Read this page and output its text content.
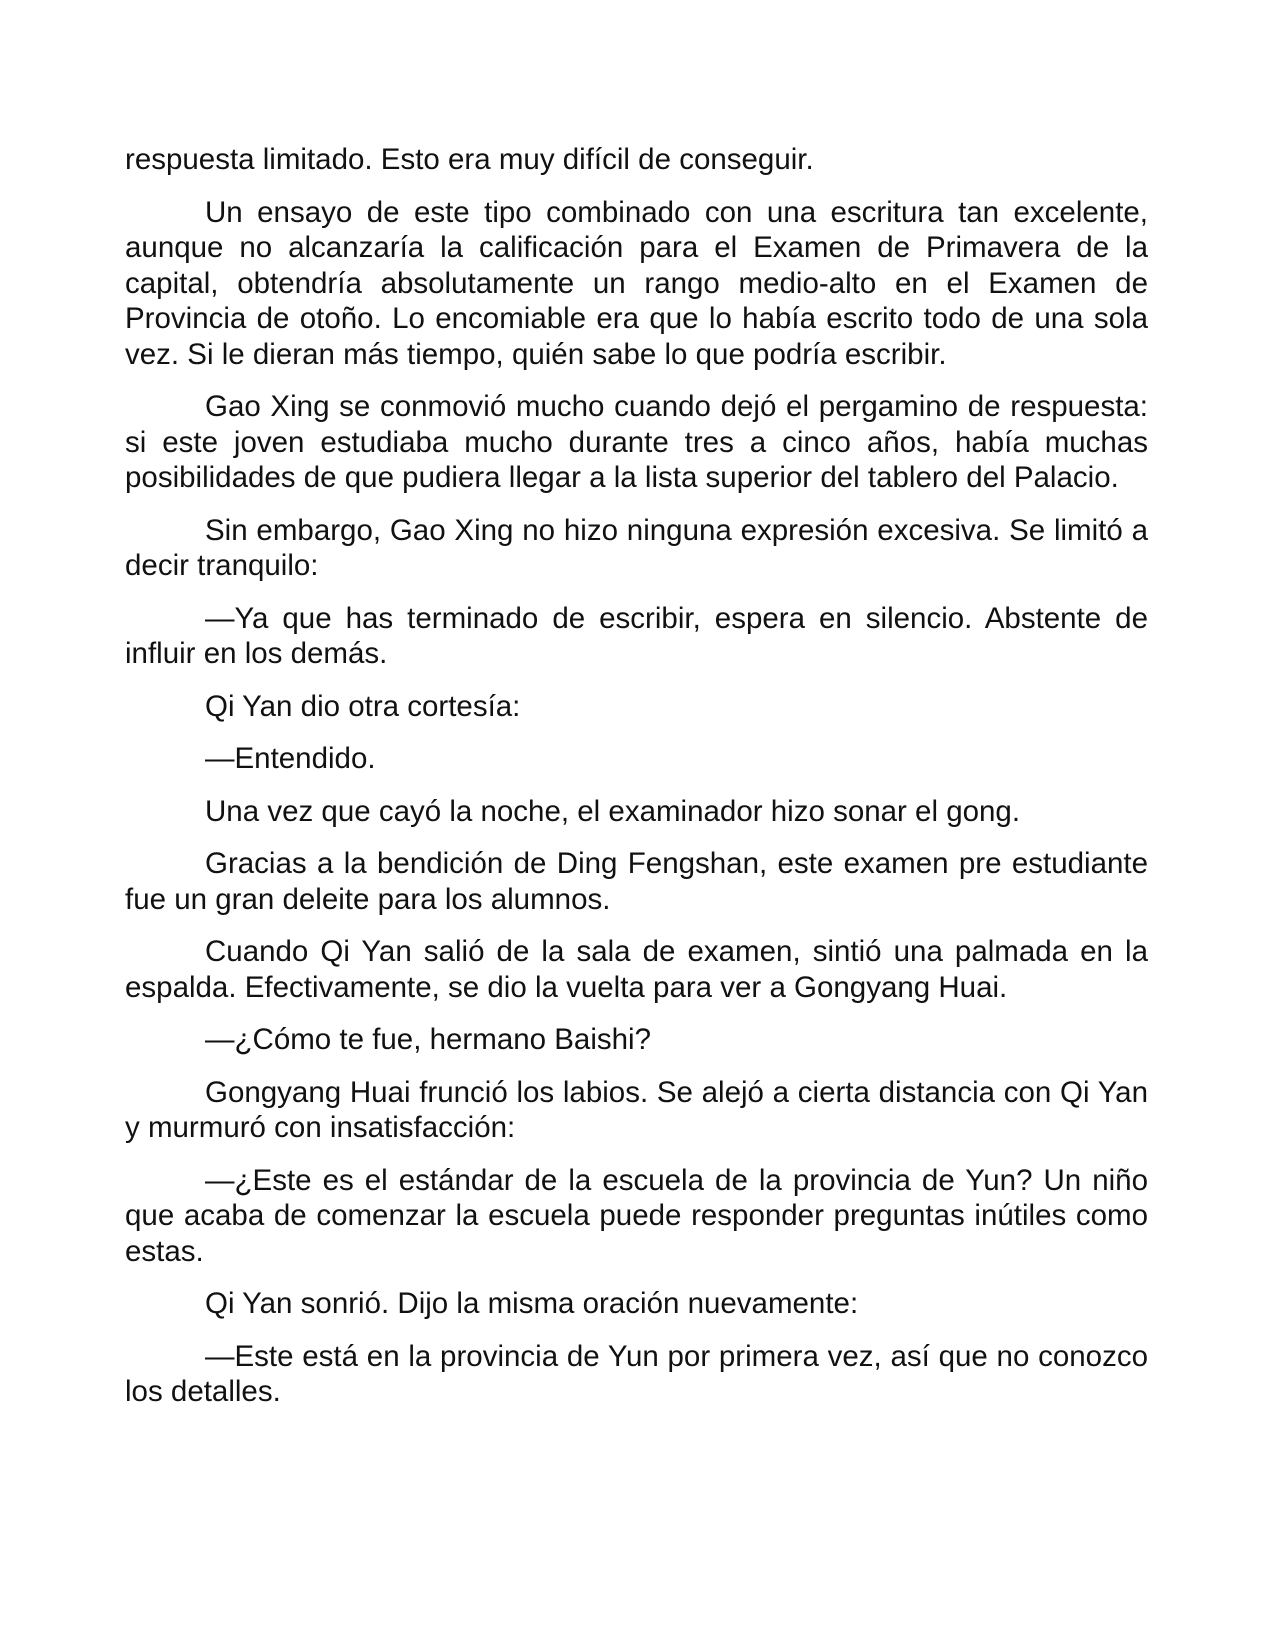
respuesta limitado. Esto era muy difícil de conseguir.

Un ensayo de este tipo combinado con una escritura tan excelente, aunque no alcanzaría la calificación para el Examen de Primavera de la capital, obtendría absolutamente un rango medio-alto en el Examen de Provincia de otoño. Lo encomiable era que lo había escrito todo de una sola vez. Si le dieran más tiempo, quién sabe lo que podría escribir.

Gao Xing se conmovió mucho cuando dejó el pergamino de respuesta: si este joven estudiaba mucho durante tres a cinco años, había muchas posibilidades de que pudiera llegar a la lista superior del tablero del Palacio.

Sin embargo, Gao Xing no hizo ninguna expresión excesiva. Se limitó a decir tranquilo:

—Ya que has terminado de escribir, espera en silencio. Abstente de influir en los demás.

Qi Yan dio otra cortesía:

—Entendido.

Una vez que cayó la noche, el examinador hizo sonar el gong.

Gracias a la bendición de Ding Fengshan, este examen pre estudiante fue un gran deleite para los alumnos.

Cuando Qi Yan salió de la sala de examen, sintió una palmada en la espalda. Efectivamente, se dio la vuelta para ver a Gongyang Huai.

—¿Cómo te fue, hermano Baishi?

Gongyang Huai frunció los labios. Se alejó a cierta distancia con Qi Yan y murmuró con insatisfacción:

—¿Este es el estándar de la escuela de la provincia de Yun? Un niño que acaba de comenzar la escuela puede responder preguntas inútiles como estas.

Qi Yan sonrió. Dijo la misma oración nuevamente:

—Este está en la provincia de Yun por primera vez, así que no conozco los detalles.
